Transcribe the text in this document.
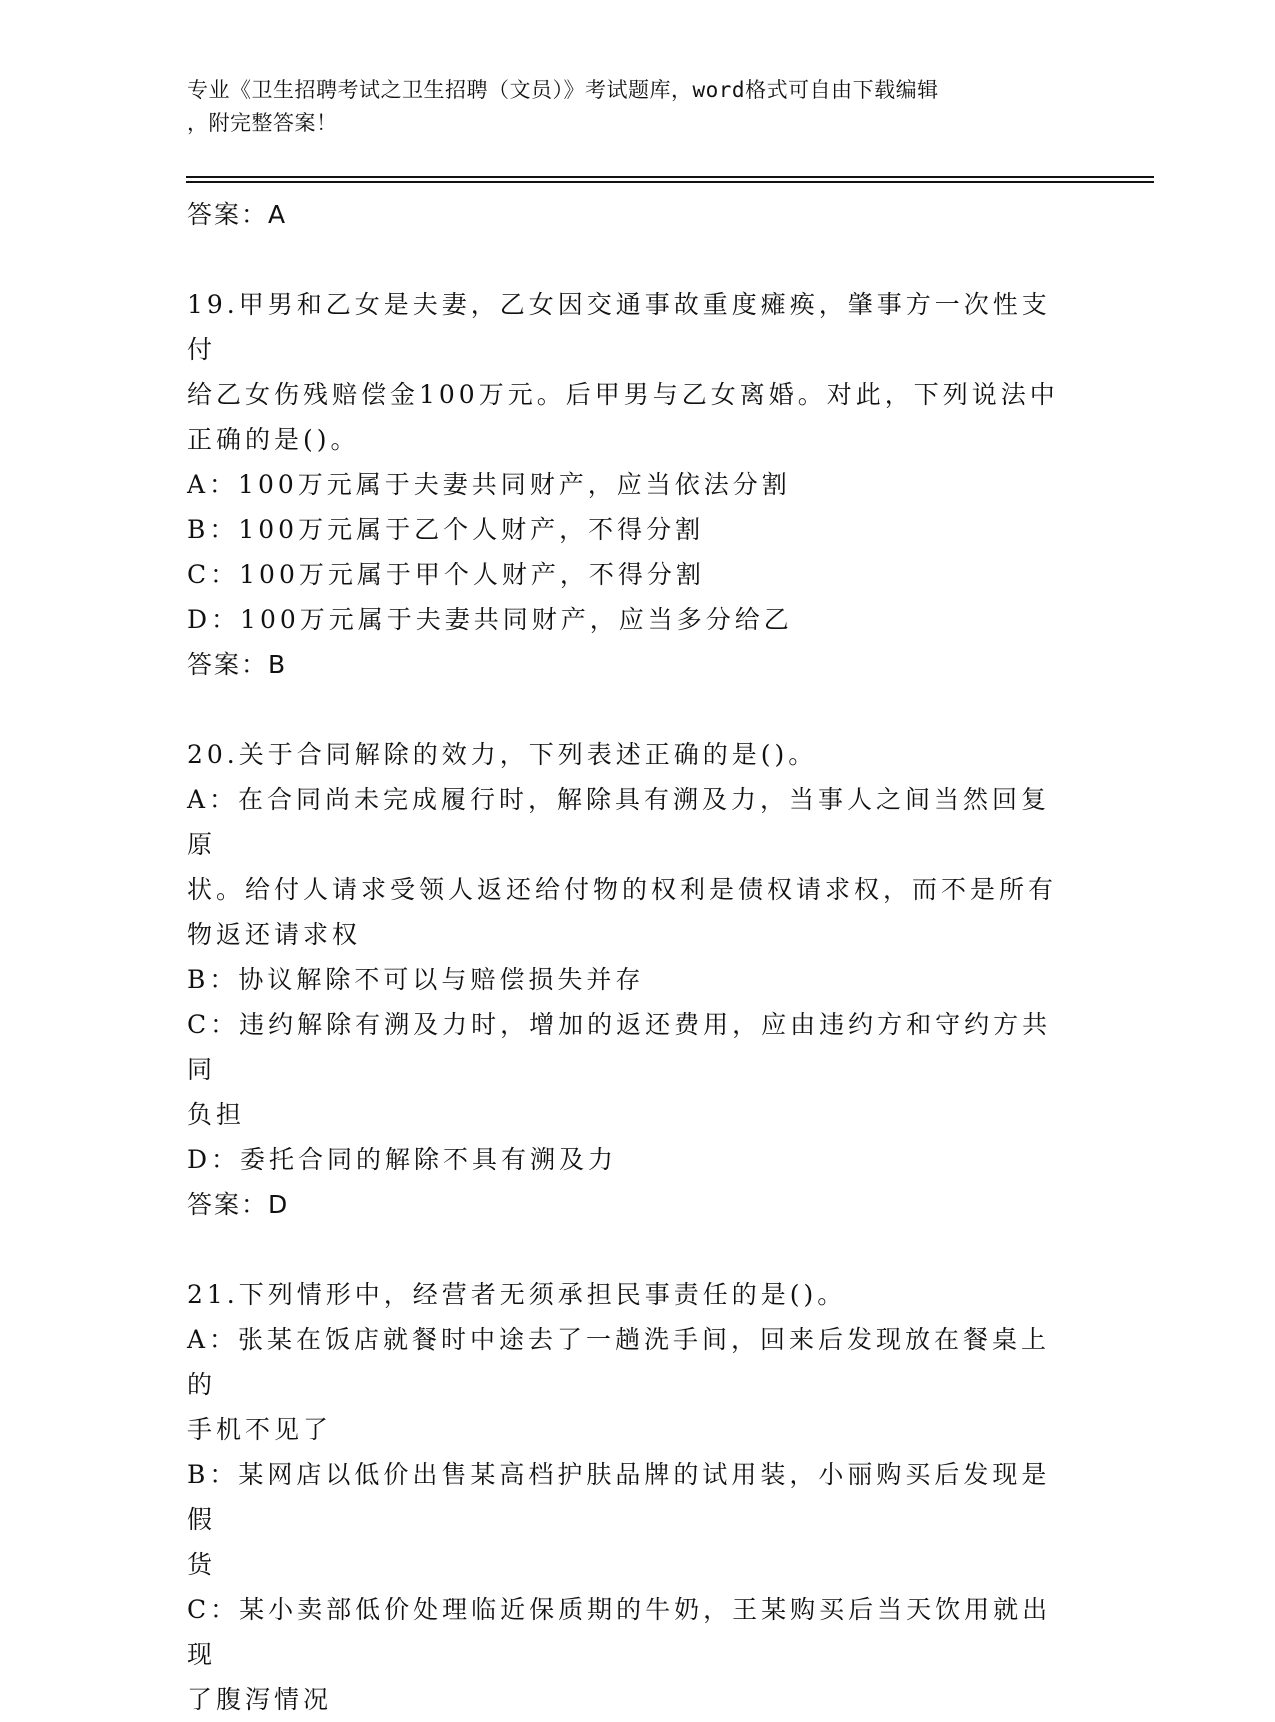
专业《卫生招聘考试之卫生招聘（文员）》考试题库，word格式可自由下载编辑
，附完整答案！
答案：A
19.甲男和乙女是夫妻，乙女因交通事故重度瘫痪，肇事方一次性支付
给乙女伤残赔偿金100万元。后甲男与乙女离婚。对此，下列说法中
正确的是()。
A：100万元属于夫妻共同财产，应当依法分割
B：100万元属于乙个人财产，不得分割
C：100万元属于甲个人财产，不得分割
D：100万元属于夫妻共同财产，应当多分给乙
答案：B
20.关于合同解除的效力，下列表述正确的是()。
A：在合同尚未完成履行时，解除具有溯及力，当事人之间当然回复原
状。给付人请求受领人返还给付物的权利是债权请求权，而不是所有
物返还请求权
B：协议解除不可以与赔偿损失并存
C：违约解除有溯及力时，增加的返还费用，应由违约方和守约方共同
负担
D：委托合同的解除不具有溯及力
答案：D
21.下列情形中，经营者无须承担民事责任的是()。
A：张某在饭店就餐时中途去了一趟洗手间，回来后发现放在餐桌上的
手机不见了
B：某网店以低价出售某高档护肤品牌的试用装，小丽购买后发现是假
货
C：某小卖部低价处理临近保质期的牛奶，王某购买后当天饮用就出现
了腹泻情况
